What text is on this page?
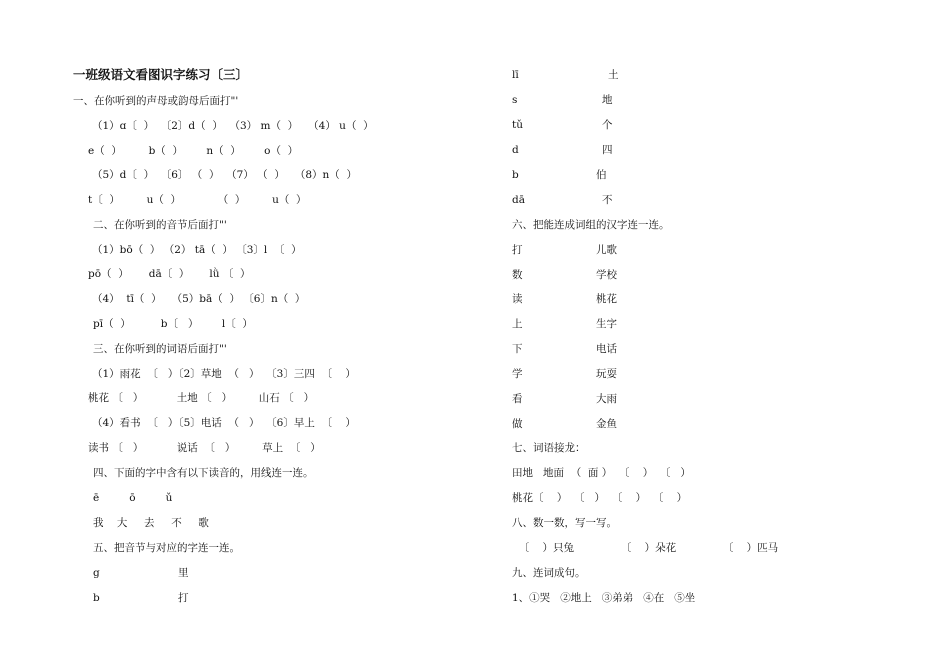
一班级语文看图识字练习〔三〕
一、在你听到的声母或韵母后面打"'
（1）ɑ〔  ）  〔2〕d（  ）  （3） m（  ）   （4） u（  ）
e（  ）        b（  ）       n（  ）       o（  ）
（5）d〔  ）  〔6〕 （  ）  （7） （  ）   （8）n（  ）
t〔  ）        u（  ）           （  ）        u（  ）
二、在你听到的音节后面打"'
（1）bō（  ） （2） tā（  ） 〔3〕l  〔  ）
pō（  ）      dā〔  ）      lǜ 〔  ）
（4）  tī（  ）   （5）bā（  ） 〔6〕n（  ）
pī（  ）         b〔   ）       l〔  ）
三、在你听到的词语后面打"'
（1）雨花  〔   ）〔2〕草地  （   ）  〔3〕三四  〔    ）
桃花 〔   ）          土地 〔   ）        山石 〔   ）
（4）看书  〔   ）〔5〕电话  （   ）  〔6〕早上  〔    ）
读书 〔   ）          说话  〔   ）        草上  〔   ）
四、下面的字中含有以下读音的，用线连一连。
ē         ō         ǔ
我    大     去     不     歌
五、把音节与对应的字连一连。
g	里
b	打
lī	土
s	地
tǔ	个
d	四
b	伯
dā	不
六、把能连成词组的汉字连一连。
打	儿歌
数	学校
读	桃花
上	生字
下	电话
学	玩耍
看	大雨
做	金鱼
七、词语接龙：
田地   地面  （  面 ）  〔    ）  〔   ）
桃花〔    ）  〔   ）  〔    ）  〔    ）
八、数一数，写一写。
〔    ）只兔              〔    ）朵花              〔    ）匹马
九、连词成句。
1、①哭   ②地上   ③弟弟   ④在   ⑤坐
